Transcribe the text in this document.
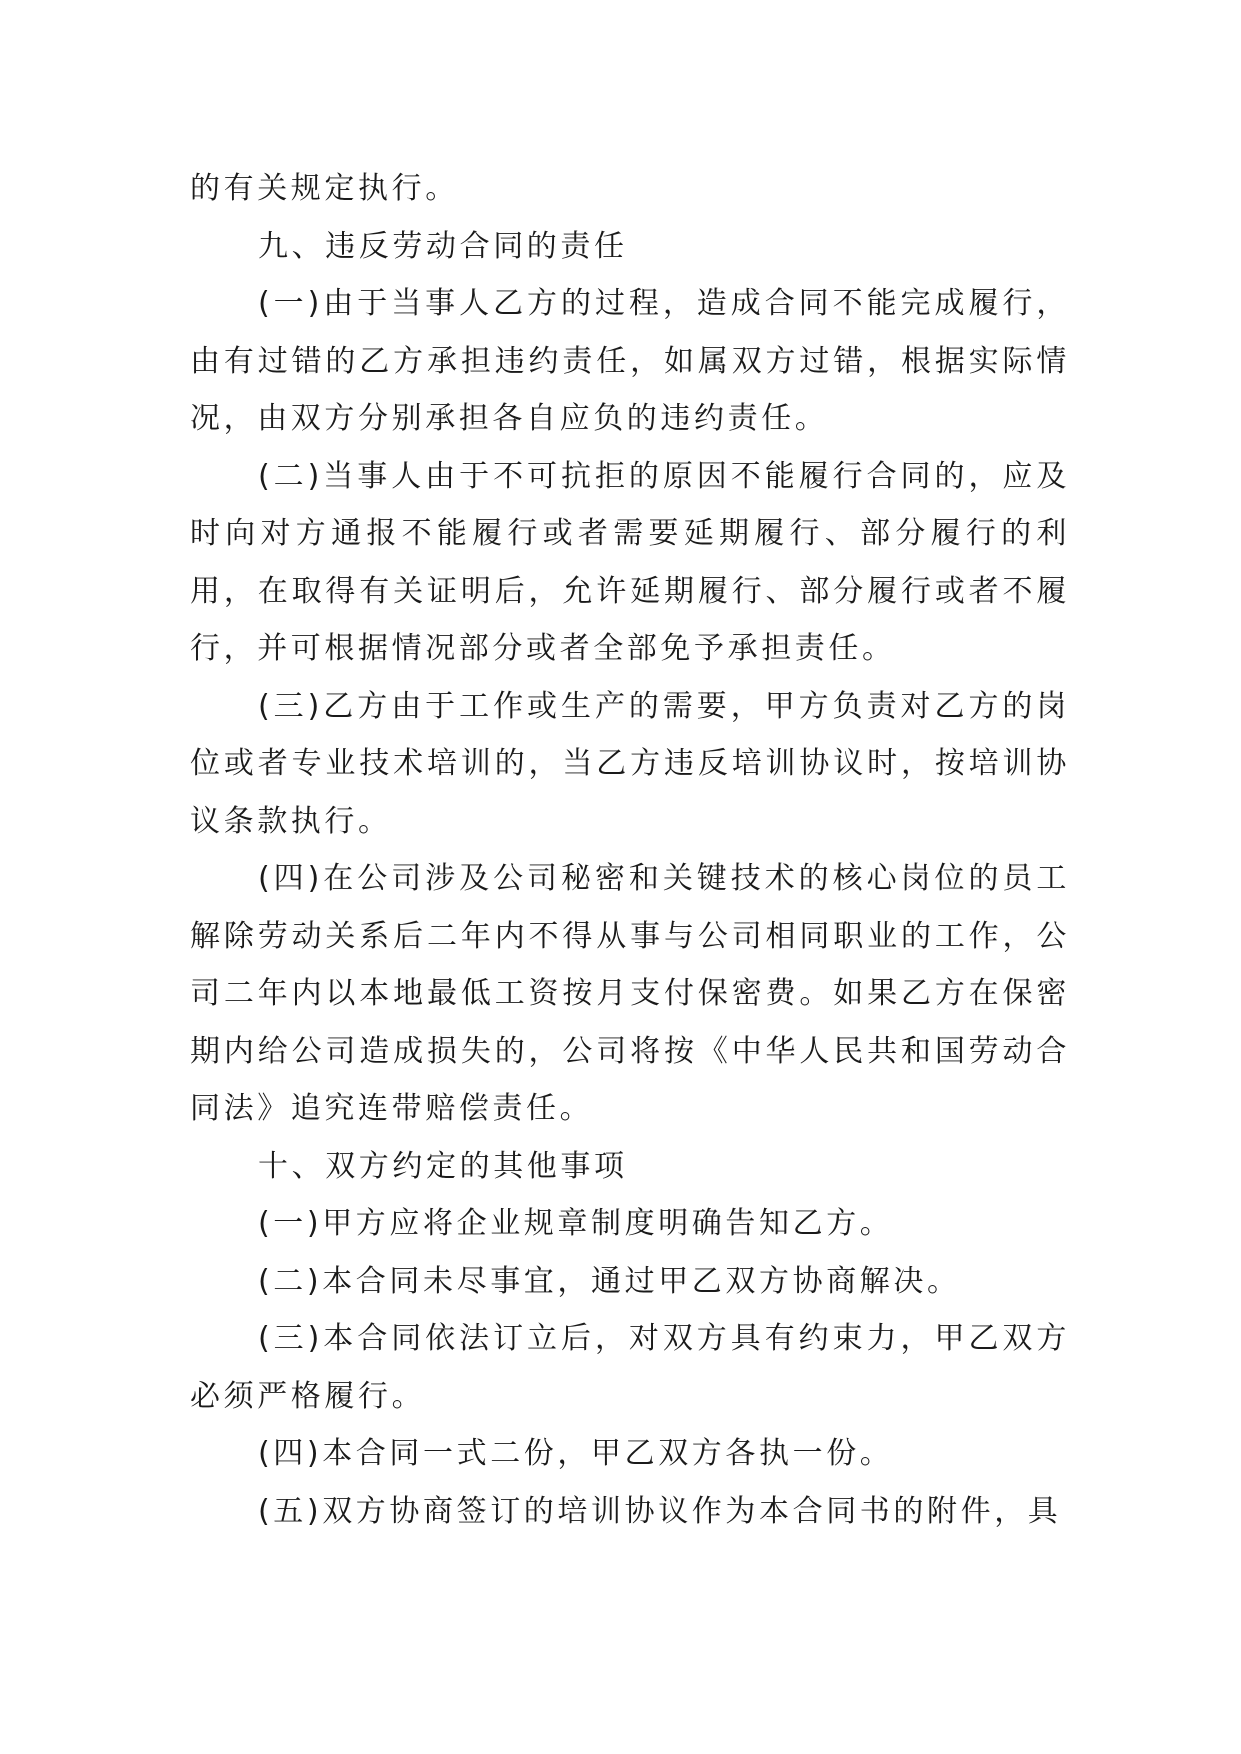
的有关规定执行。

九、违反劳动合同的责任

(一)由于当事人乙方的过程，造成合同不能完成履行，由有过错的乙方承担违约责任，如属双方过错，根据实际情况，由双方分别承担各自应负的违约责任。

(二)当事人由于不可抗拒的原因不能履行合同的，应及时向对方通报不能履行或者需要延期履行、部分履行的利用，在取得有关证明后，允许延期履行、部分履行或者不履行，并可根据情况部分或者全部免予承担责任。

(三)乙方由于工作或生产的需要，甲方负责对乙方的岗位或者专业技术培训的，当乙方违反培训协议时，按培训协议条款执行。

(四)在公司涉及公司秘密和关键技术的核心岗位的员工解除劳动关系后二年内不得从事与公司相同职业的工作，公司二年内以本地最低工资按月支付保密费。如果乙方在保密期内给公司造成损失的，公司将按《中华人民共和国劳动合同法》追究连带赔偿责任。

十、双方约定的其他事项

(一)甲方应将企业规章制度明确告知乙方。

(二)本合同未尽事宜，通过甲乙双方协商解决。

(三)本合同依法订立后，对双方具有约束力，甲乙双方必须严格履行。

(四)本合同一式二份，甲乙双方各执一份。

(五)双方协商签订的培训协议作为本合同书的附件，具
